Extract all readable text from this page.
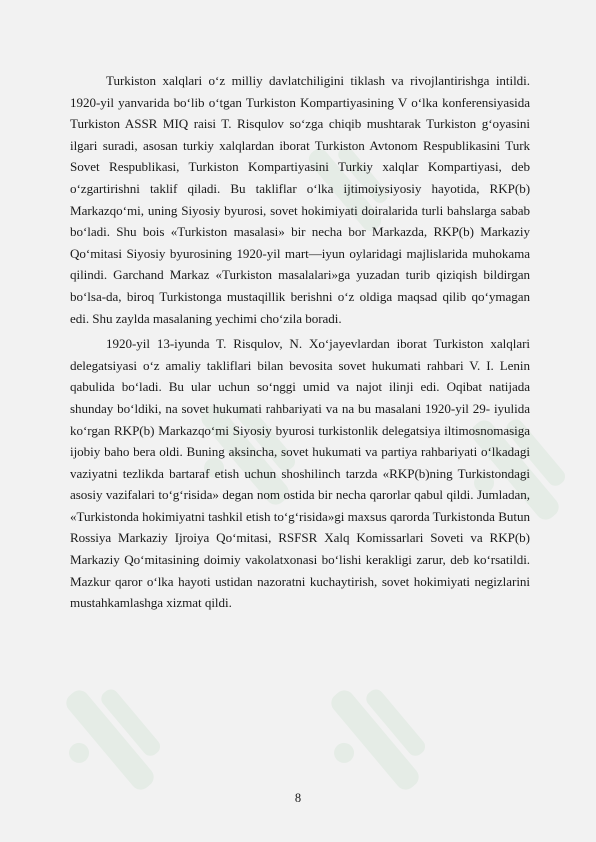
Turkiston xalqlari o‘z milliy davlatchiligini tiklash va rivojlantirishga intildi. 1920-yil yanvarida bo‘lib o‘tgan Turkiston Kompartiyasining V o‘lka konferensiyasida Turkiston ASSR MIQ raisi T. Risqulov so‘zga chiqib mushtarak Turkiston g‘oyasini ilgari suradi, asosan turkiy xalqlardan iborat Turkiston Avtonom Respublikasini Turk Sovet Respublikasi, Turkiston Kompartiyasini Turkiy xalqlar Kompartiyasi, deb o‘zgartirishni taklif qiladi. Bu takliflar o‘lka ijtimoiysiyosiy hayotida, RKP(b) Markazqo‘mi, uning Siyosiy byurosi, sovet hokimiyati doiralarida turli bahslarga sabab bo‘ladi. Shu bois «Turkiston masalasi» bir necha bor Markazda, RKP(b) Markaziy Qo‘mitasi Siyosiy byurosining 1920-yil mart—iyun oylaridagi majlislarida muhokama qilindi. Garchand Markaz «Turkiston masalalari»ga yuzadan turib qiziqish bildirgan bo‘lsa-da, biroq Turkistonga mustaqillik berishni o‘z oldiga maqsad qilib qo‘ymagan edi. Shu zaylda masalaning yechimi cho‘zila boradi.

1920-yil 13-iyunda T. Risqulov, N. Xo‘jayevlardan iborat Turkiston xalqlari delegatsiyasi o‘z amaliy takliflari bilan bevosita sovet hukumati rahbari V. I. Lenin qabulida bo‘ladi. Bu ular uchun so‘nggi umid va najot ilinji edi. Oqibat natijada shunday bo‘ldiki, na sovet hukumati rahbariyati va na bu masalani 1920-yil 29- iyulida ko‘rgan RKP(b) Markazqo‘mi Siyosiy byurosi turkistonlik delegatsiya iltimosnomasiga ijobiy baho bera oldi. Buning aksincha, sovet hukumati va partiya rahbariyati o‘lkadagi vaziyatni tezlikda bartaraf etish uchun shoshilinch tarzda «RKP(b)ning Turkistondagi asosiy vazifalari to‘g‘risida» degan nom ostida bir necha qarorlar qabul qildi. Jumladan, «Turkistonda hokimiyatni tashkil etish to‘g‘risida»gi maxsus qarorda Turkistonda Butun Rossiya Markaziy Ijroiya Qo‘mitasi, RSFSR Xalq Komissarlari Soveti va RKP(b) Markaziy Qo‘mitasining doimiy vakolatxonasi bo‘lishi kerakligi zarur, deb ko‘rsatildi. Mazkur qaror o‘lka hayoti ustidan nazoratni kuchaytirish, sovet hokimiyati negizlarini mustahkamlashga xizmat qildi.

8
